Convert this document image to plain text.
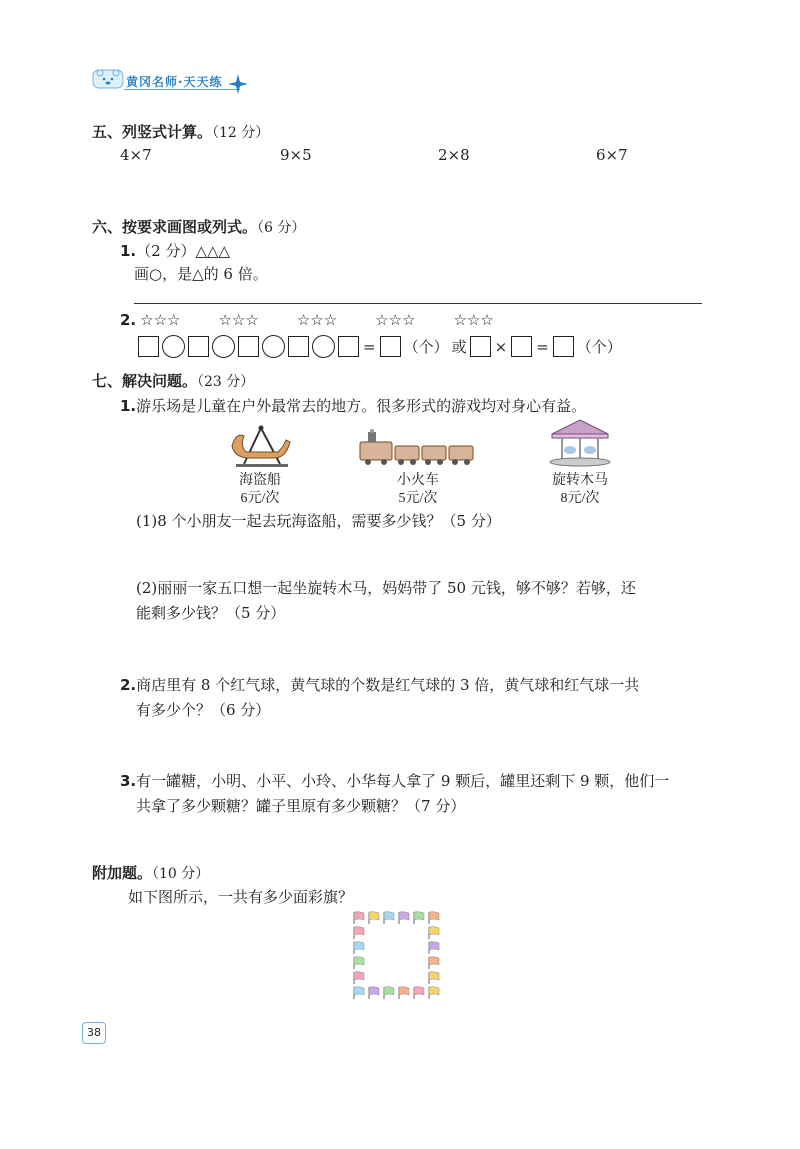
黄冈名师·天天练
五、列竖式计算。（12 分）
4×7	9×5	2×8	6×7
六、按要求画图或列式。（6 分）
1.（2 分）△△△
画○，是△的 6 倍。
2. ☆☆☆	☆☆☆	☆☆☆	☆☆☆	☆☆☆
= （个） 或 × = （个）
七、解决问题。（23 分）
1.游乐场是儿童在户外最常去的地方。很多形式的游戏均对身心有益。
海盗船
6元/次
小火车
5元/次
旋转木马
8元/次
(1)8 个小朋友一起去玩海盗船，需要多少钱？（5 分）
(2)丽丽一家五口想一起坐旋转木马，妈妈带了 50 元钱，够不够？若够，还
能剩多少钱？（5 分）
2.商店里有 8 个红气球，黄气球的个数是红气球的 3 倍，黄气球和红气球一共
有多少个？（6 分）
3.有一罐糖，小明、小平、小玲、小华每人拿了 9 颗后，罐里还剩下 9 颗，他们一
共拿了多少颗糖？罐子里原有多少颗糖？（7 分）
附加题。（10 分）
如下图所示，一共有多少面彩旗？
38
